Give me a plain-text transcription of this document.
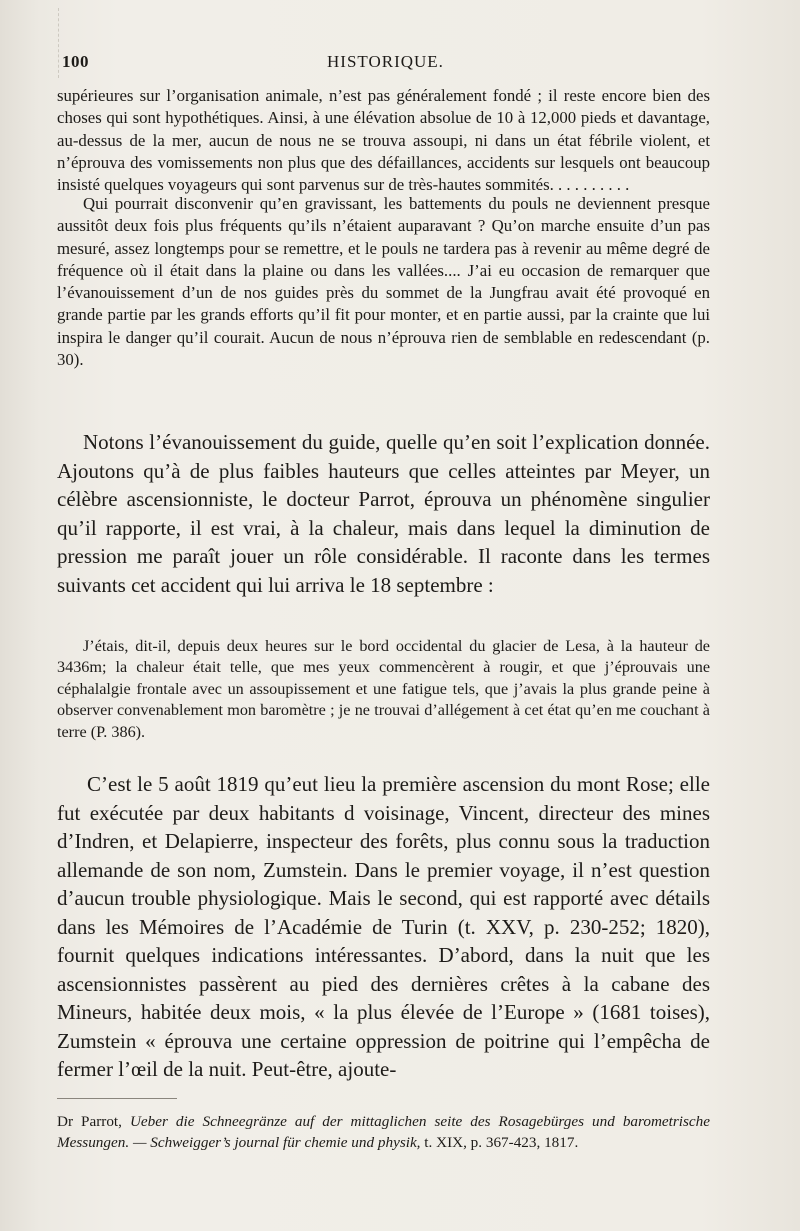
100	HISTORIQUE.

supérieures sur l’organisation animale, n’est pas généralement fondé ; il reste encore bien des choses qui sont hypothétiques. Ainsi, à une élévation absolue de 10 à 12,000 pieds et davantage, au-dessus de la mer, aucun de nous ne se trouva assoupi, ni dans un état fébrile violent, et n’éprouva des vomissements non plus que des défaillances, accidents sur lesquels ont beaucoup insisté quelques voyageurs qui sont parvenus sur de très-hautes sommités. . . . . . . . . .

Qui pourrait disconvenir qu’en gravissant, les battements du pouls ne deviennent presque aussitôt deux fois plus fréquents qu’ils n’étaient auparavant ? Qu’on marche ensuite d’un pas mesuré, assez longtemps pour se remettre, et le pouls ne tardera pas à revenir au même degré de fréquence où il était dans la plaine ou dans les vallées.... J’ai eu occasion de remarquer que l’évanouissement d’un de nos guides près du sommet de la Jungfrau avait été provoqué en grande partie par les grands efforts qu’il fit pour monter, et en partie aussi, par la crainte que lui inspira le danger qu’il courait. Aucun de nous n’éprouva rien de semblable en redescendant (p. 30).

Notons l’évanouissement du guide, quelle qu’en soit l’explication donnée. Ajoutons qu’à de plus faibles hauteurs que celles atteintes par Meyer, un célèbre ascensionniste, le docteur Parrot, éprouva un phénomène singulier qu’il rapporte, il est vrai, à la chaleur, mais dans lequel la diminution de pression me paraît jouer un rôle considérable. Il raconte dans les termes suivants cet accident qui lui arriva le 18 septembre :

J’étais, dit-il, depuis deux heures sur le bord occidental du glacier de Lesa, à la hauteur de 3436m; la chaleur était telle, que mes yeux commencèrent à rougir, et que j’éprouvais une céphalalgie frontale avec un assoupissement et une fatigue tels, que j’avais la plus grande peine à observer convenablement mon baromètre ; je ne trouvai d’allégement à cet état qu’en me couchant à terre (P. 386).

C’est le 5 août 1819 qu’eut lieu la première ascension du mont Rose; elle fut exécutée par deux habitants d voisinage, Vincent, directeur des mines d’Indren, et Delapierre, inspecteur des forêts, plus connu sous la traduction allemande de son nom, Zumstein. Dans le premier voyage, il n’est question d’aucun trouble physiologique. Mais le second, qui est rapporté avec détails dans les Mémoires de l’Académie de Turin (t. XXV, p. 230-252; 1820), fournit quelques indications intéressantes. D’abord, dans la nuit que les ascensionnistes passèrent au pied des dernières crêtes à la cabane des Mineurs, habitée deux mois, « la plus élevée de l’Europe » (1681 toises), Zumstein « éprouva une certaine oppression de poitrine qui l’empêcha de fermer l’œil de la nuit. Peut-être, ajoute-

Dr Parrot, Ueber die Schneegränze auf der mittaglichen seite des Rosagebürges und barometrische Messungen. — Schweigger’s journal für chemie und physik, t. XIX, p. 367-423, 1817.
